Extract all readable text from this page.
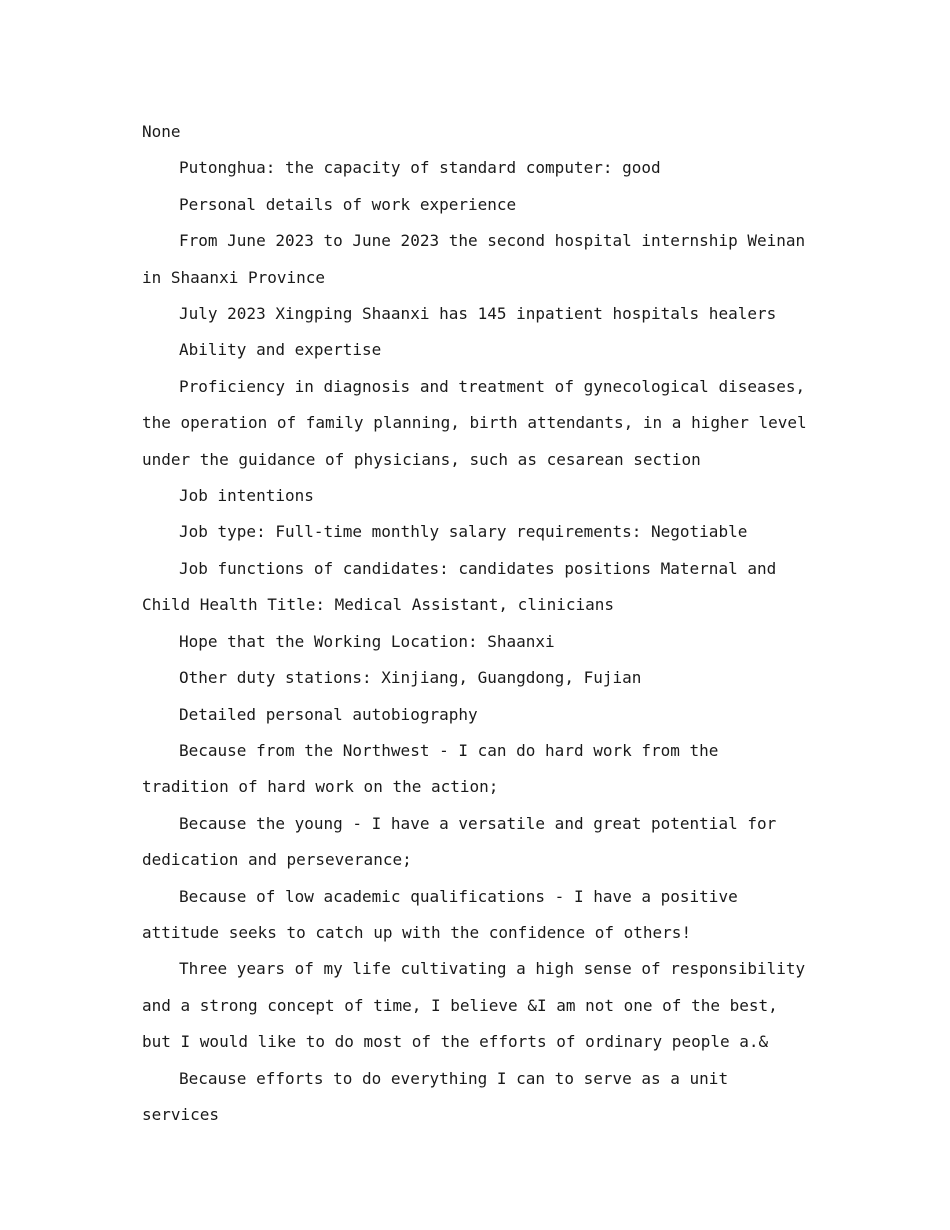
None

Putonghua: the capacity of standard computer: good

Personal details of work experience

From June 2023 to June 2023 the second hospital internship Weinan in Shaanxi Province

July 2023 Xingping Shaanxi has 145 inpatient hospitals healers

Ability and expertise

Proficiency in diagnosis and treatment of gynecological diseases, the operation of family planning, birth attendants, in a higher level under the guidance of physicians, such as cesarean section

Job intentions

Job type: Full-time monthly salary requirements: Negotiable

Job functions of candidates: candidates positions Maternal and Child Health Title: Medical Assistant, clinicians

Hope that the Working Location: Shaanxi

Other duty stations: Xinjiang, Guangdong, Fujian

Detailed personal autobiography

Because from the Northwest - I can do hard work from the tradition of hard work on the action;

Because the young - I have a versatile and great potential for dedication and perseverance;

Because of low academic qualifications - I have a positive attitude seeks to catch up with the confidence of others!

Three years of my life cultivating a high sense of responsibility and a strong concept of time, I believe &I am not one of the best, but I would like to do most of the efforts of ordinary people a.&

Because efforts to do everything I can to serve as a unit services
